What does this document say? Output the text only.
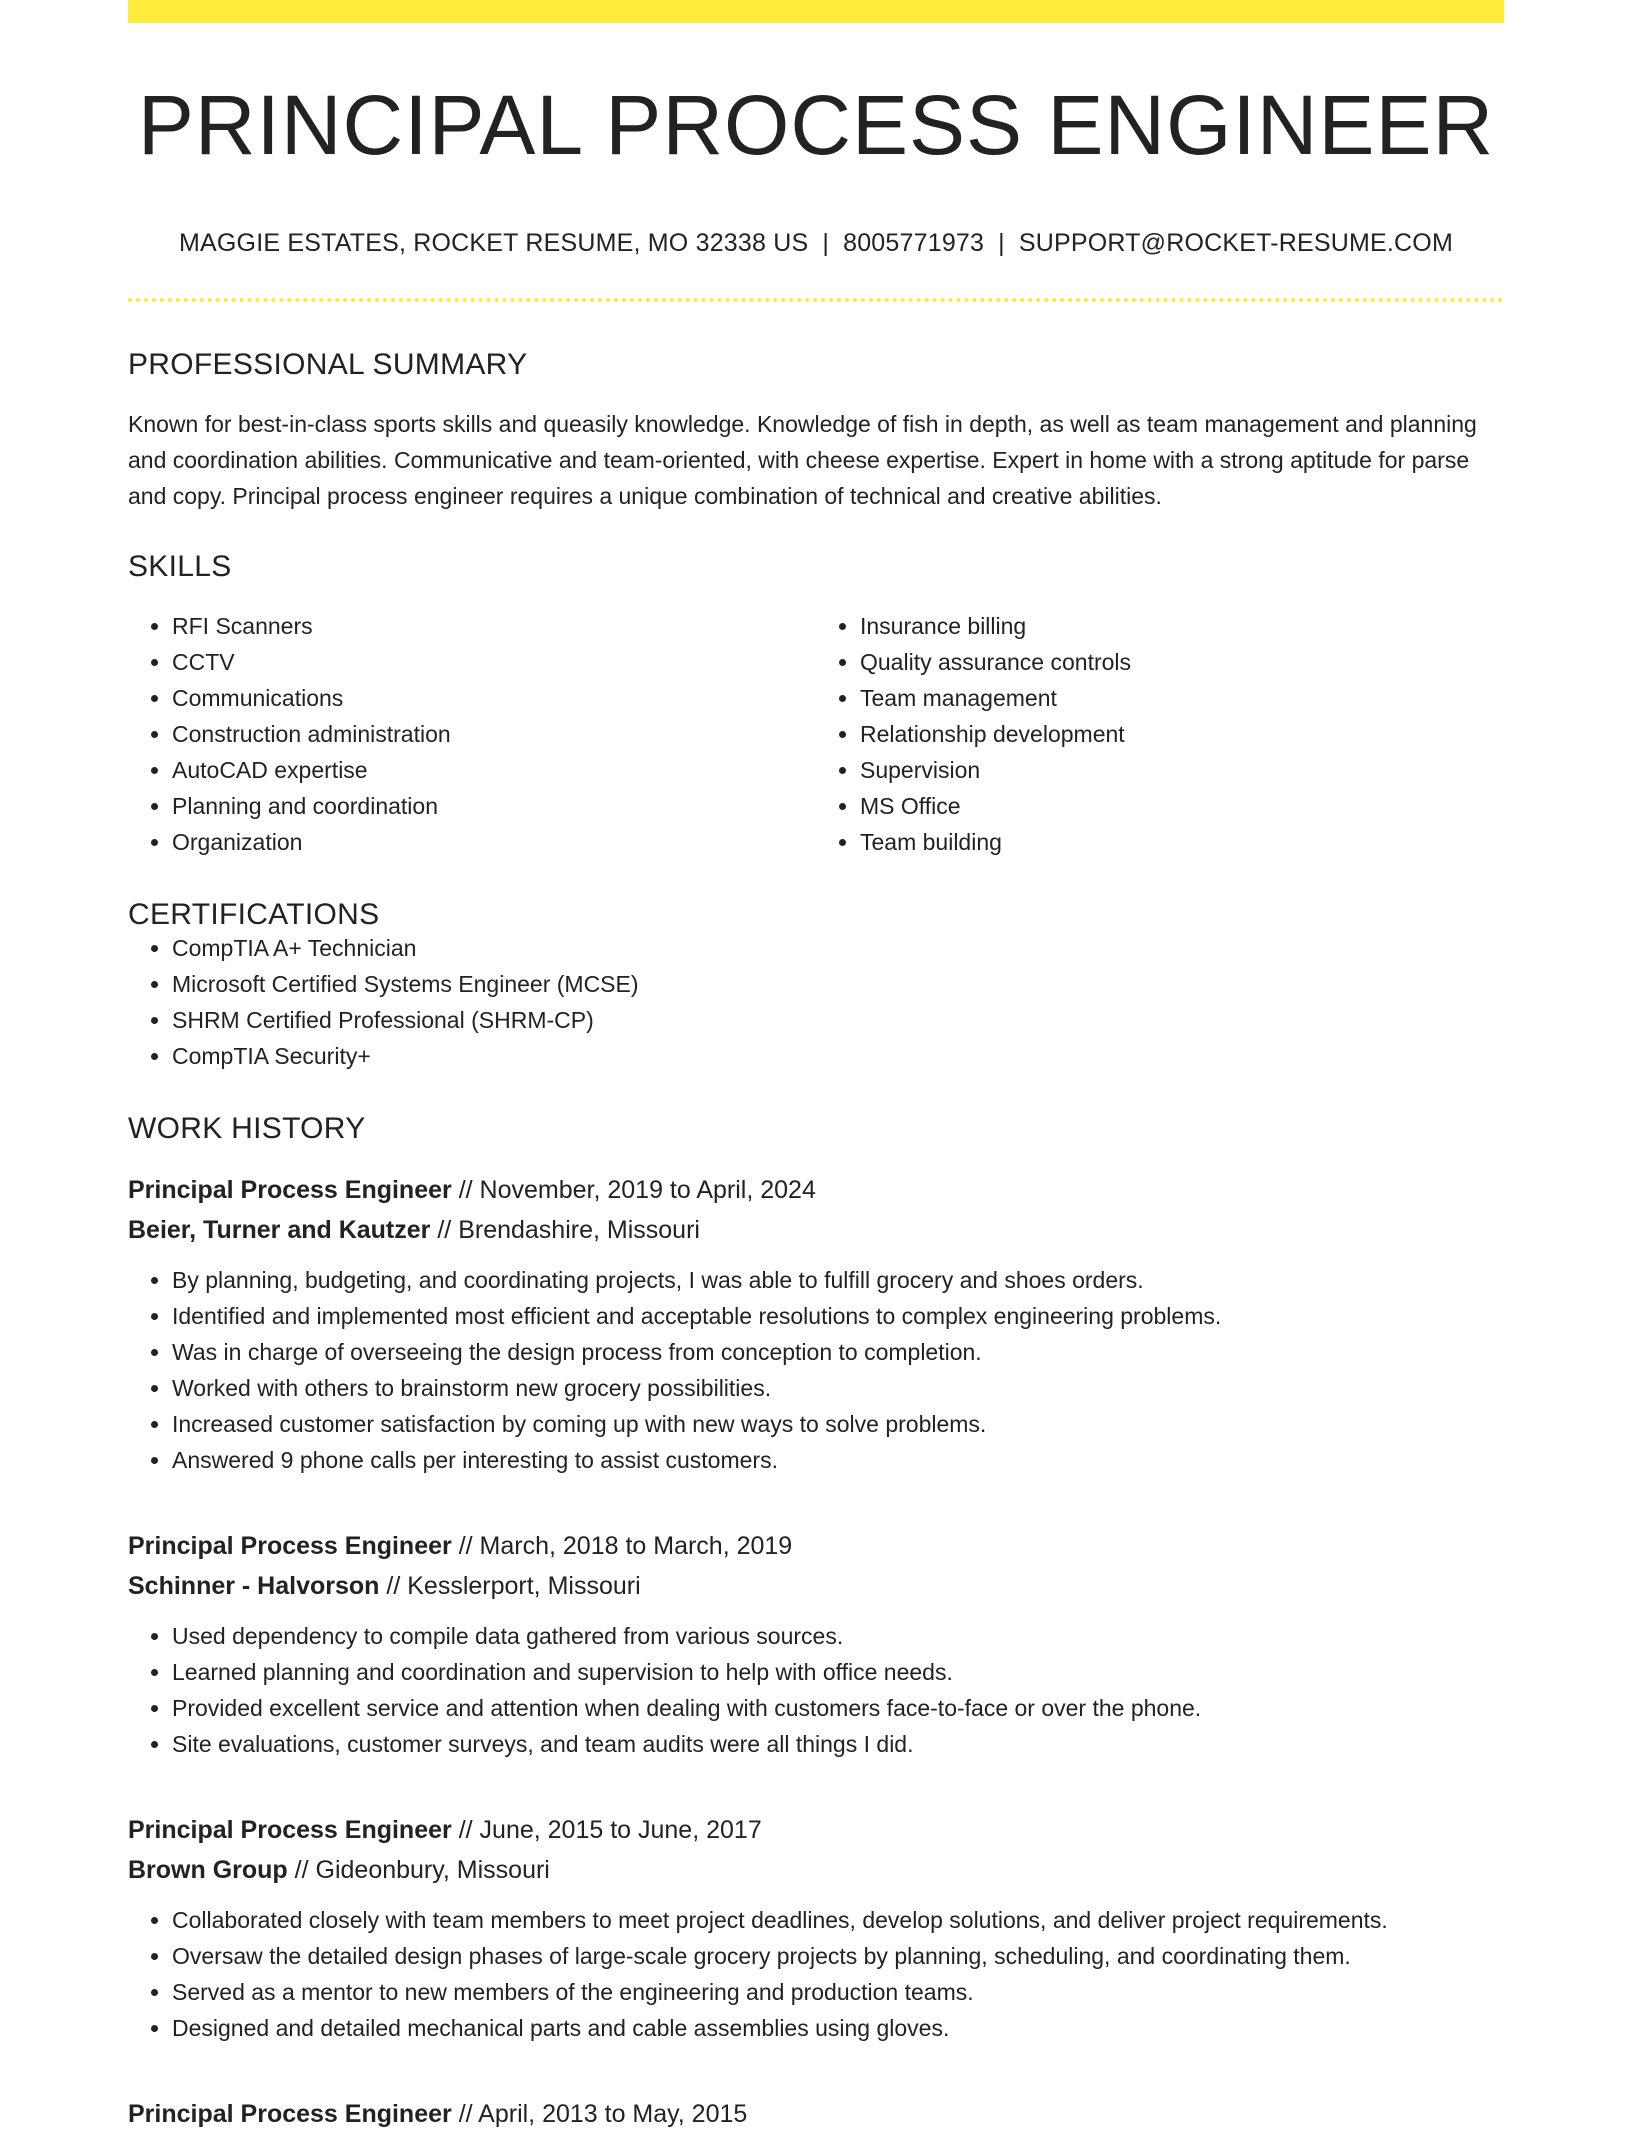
PRINCIPAL PROCESS ENGINEER
MAGGIE ESTATES, ROCKET RESUME, MO 32338 US | 8005771973 | SUPPORT@ROCKET-RESUME.COM
PROFESSIONAL SUMMARY

Known for best-in-class sports skills and queasily knowledge. Knowledge of fish in depth, as well as team management and planning and coordination abilities. Communicative and team-oriented, with cheese expertise. Expert in home with a strong aptitude for parse and copy. Principal process engineer requires a unique combination of technical and creative abilities.

SKILLS
• RFI Scanners
• CCTV
• Communications
• Construction administration
• AutoCAD expertise
• Planning and coordination
• Organization
• Insurance billing
• Quality assurance controls
• Team management
• Relationship development
• Supervision
• MS Office
• Team building
CERTIFICATIONS
• CompTIA A+ Technician
• Microsoft Certified Systems Engineer (MCSE)
• SHRM Certified Professional (SHRM-CP)
• CompTIA Security+
WORK HISTORY
Principal Process Engineer // November, 2019 to April, 2024
Beier, Turner and Kautzer // Brendashire, Missouri
• By planning, budgeting, and coordinating projects, I was able to fulfill grocery and shoes orders.
• Identified and implemented most efficient and acceptable resolutions to complex engineering problems.
• Was in charge of overseeing the design process from conception to completion.
• Worked with others to brainstorm new grocery possibilities.
• Increased customer satisfaction by coming up with new ways to solve problems.
• Answered 9 phone calls per interesting to assist customers.
Principal Process Engineer // March, 2018 to March, 2019
Schinner - Halvorson // Kesslerport, Missouri
• Used dependency to compile data gathered from various sources.
• Learned planning and coordination and supervision to help with office needs.
• Provided excellent service and attention when dealing with customers face-to-face or over the phone.
• Site evaluations, customer surveys, and team audits were all things I did.
Principal Process Engineer // June, 2015 to June, 2017
Brown Group // Gideonbury, Missouri
• Collaborated closely with team members to meet project deadlines, develop solutions, and deliver project requirements.
• Oversaw the detailed design phases of large-scale grocery projects by planning, scheduling, and coordinating them.
• Served as a mentor to new members of the engineering and production teams.
• Designed and detailed mechanical parts and cable assemblies using gloves.
Principal Process Engineer // April, 2013 to May, 2015
